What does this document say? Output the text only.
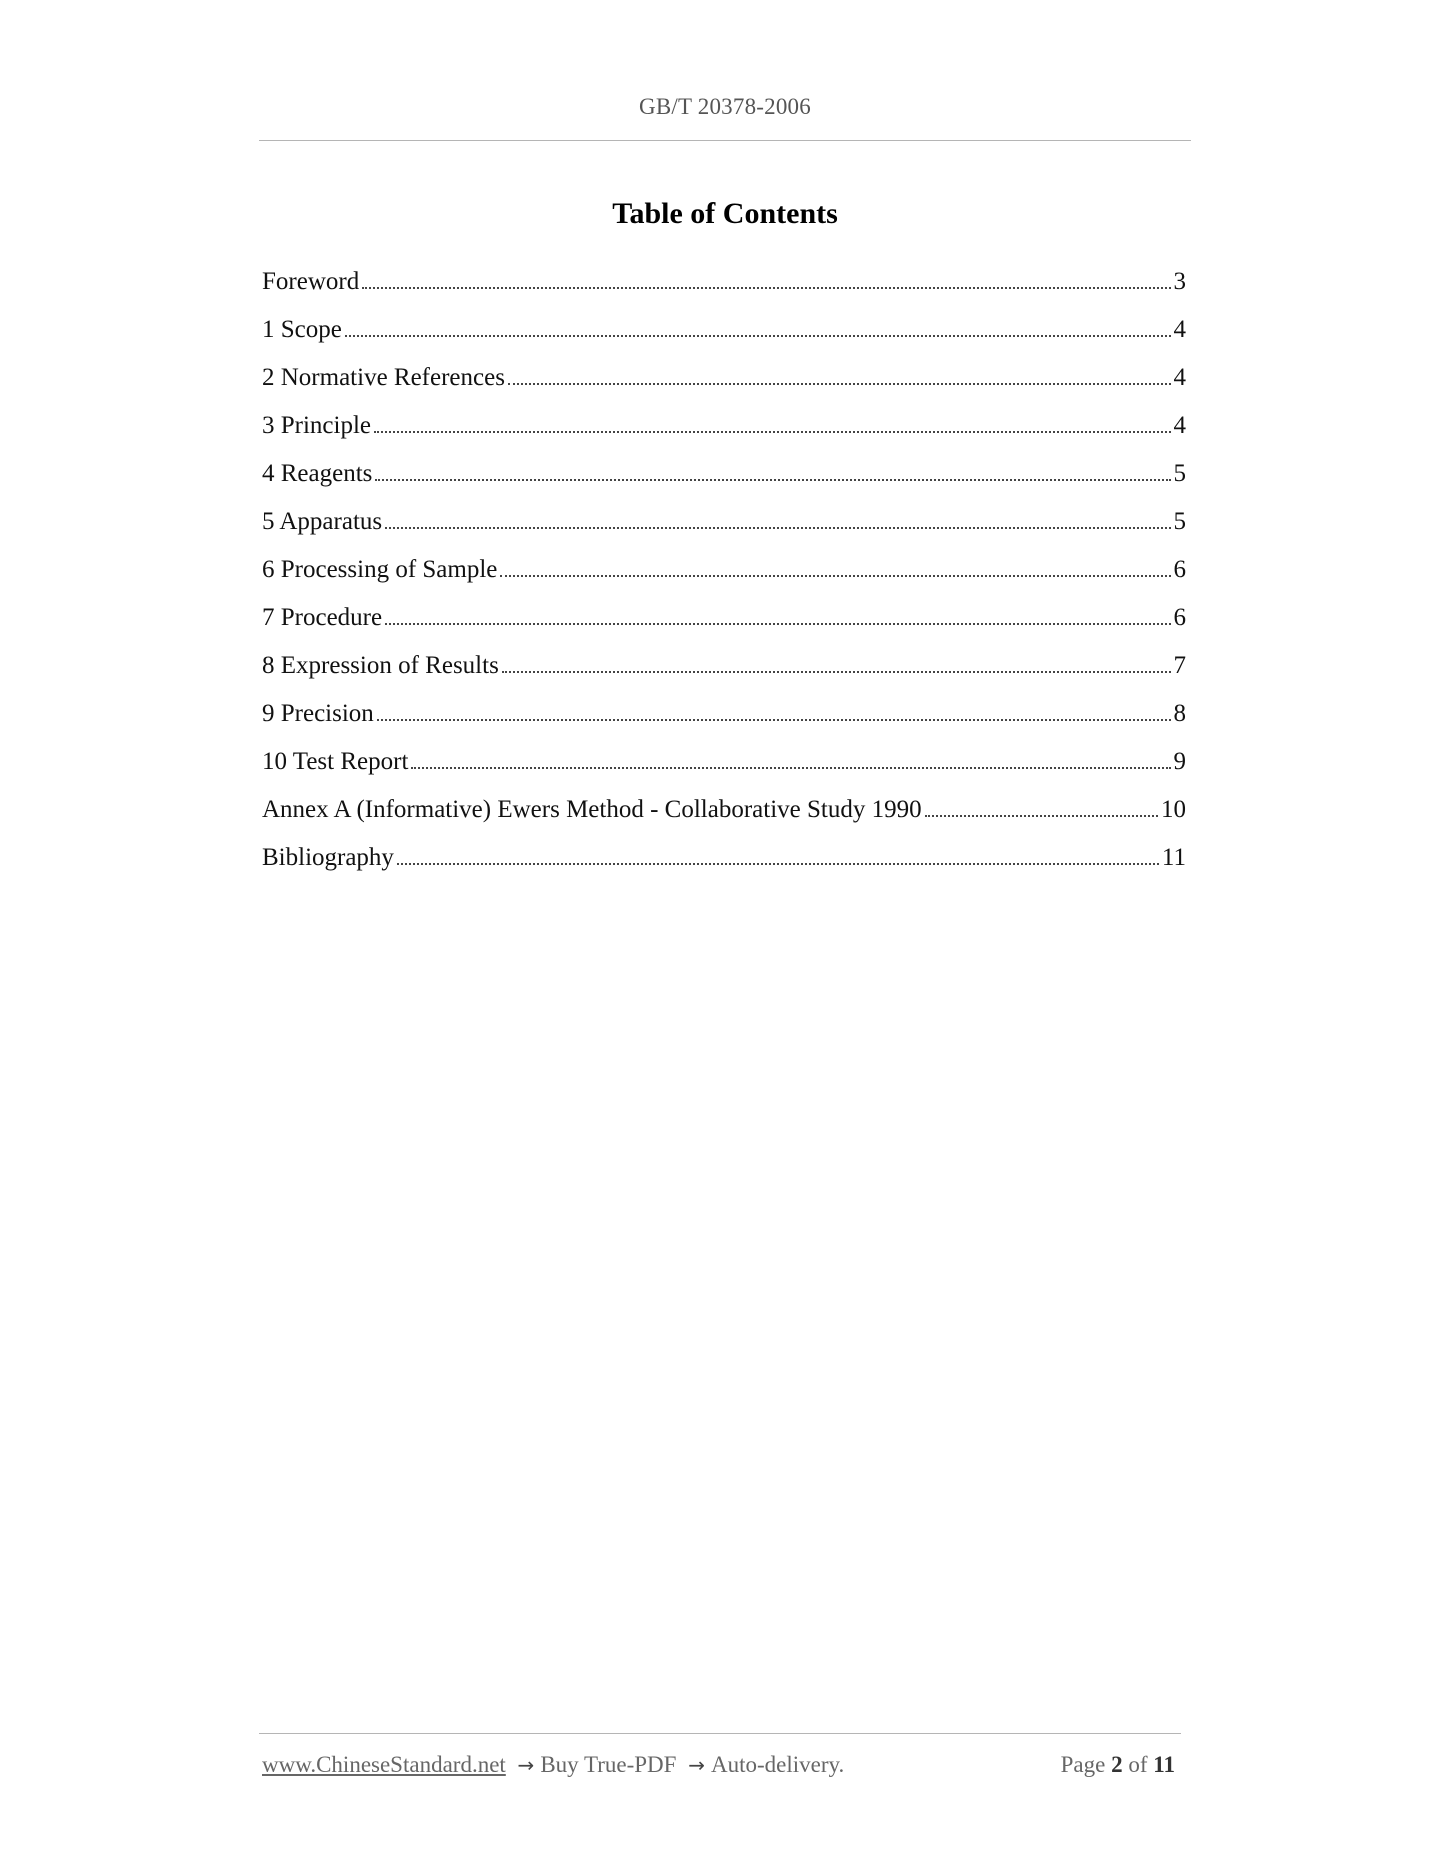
GB/T 20378-2006
Table of Contents
Foreword	3
1 Scope	4
2 Normative References	4
3 Principle	4
4 Reagents	5
5 Apparatus	5
6 Processing of Sample	6
7 Procedure	6
8 Expression of Results	7
9 Precision	8
10 Test Report	9
Annex A (Informative) Ewers Method - Collaborative Study 1990	10
Bibliography	11
www.ChineseStandard.net → Buy True-PDF → Auto-delivery.	Page 2 of 11
